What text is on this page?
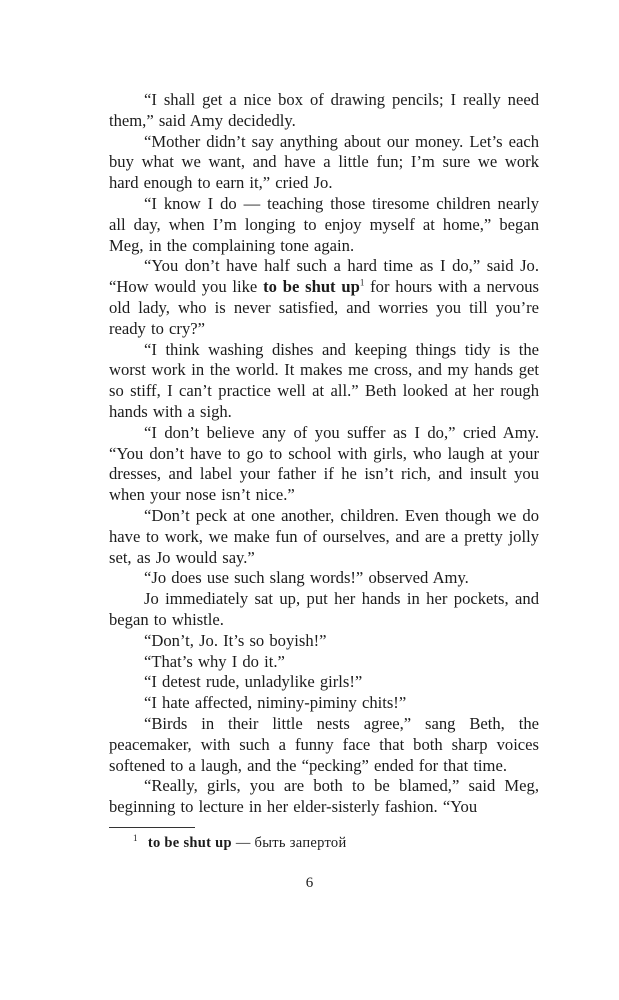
“I shall get a nice box of drawing pencils; I really need them,” said Amy decidedly.

“Mother didn’t say anything about our money. Let’s each buy what we want, and have a little fun; I’m sure we work hard enough to earn it,” cried Jo.

“I know I do — teaching those tiresome children nearly all day, when I’m longing to enjoy myself at home,” began Meg, in the complaining tone again.

“You don’t have half such a hard time as I do,” said Jo. “How would you like to be shut $up^1$ for hours with a nervous old lady, who is never satisfied, and worries you till you’re ready to cry?”

“I think washing dishes and keeping things tidy is the worst work in the world. It makes me cross, and my hands get so stiff, I can’t practice well at all.” Beth looked at her rough hands with a sigh.

“I don’t believe any of you suffer as I do,” cried Amy. “You don’t have to go to school with girls, who laugh at your dresses, and label your father if he isn’t rich, and insult you when your nose isn’t nice.”

“Don’t peck at one another, children. Even though we do have to work, we make fun of ourselves, and are a pretty jolly set, as Jo would say.”

“Jo does use such slang words!” observed Amy.

Jo immediately sat up, put her hands in her pockets, and began to whistle.

“Don’t, Jo. It’s so boyish!”

“That’s why I do it.”

“I detest rude, unladylike girls!”

“I hate affected, niminy-piminy chits!”

“Birds in their little nests agree,” sang Beth, the peacemaker, with such a funny face that both sharp voices softened to a laugh, and the “pecking” ended for that time.

“Really, girls, you are both to be blamed,” said Meg, beginning to lecture in her elder-sisterly fashion. “You

$^1$ to be shut up — быть запертой
6
